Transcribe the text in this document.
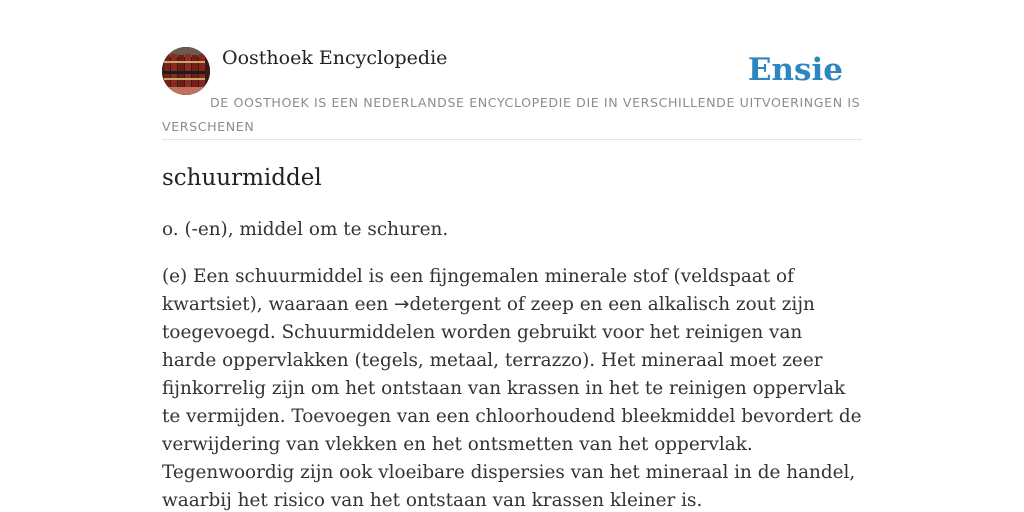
Oosthoek Encyclopedie	Ensie
DE OOSTHOEK IS EEN NEDERLANDSE ENCYCLOPEDIE DIE IN VERSCHILLENDE UITVOERINGEN IS VERSCHENEN
schuurmiddel

o. (-en), middel om te schuren.

(e) Een schuurmiddel is een fijngemalen minerale stof (veldspaat of kwartsiet), waaraan een →detergent of zeep en een alkalisch zout zijn toegevoegd. Schuurmiddelen worden gebruikt voor het reinigen van harde oppervlakken (tegels, metaal, terrazzo). Het mineraal moet zeer fijnkorrelig zijn om het ontstaan van krassen in het te reinigen oppervlak te vermijden. Toevoegen van een chloorhoudend bleekmiddel bevordert de verwijdering van vlekken en het ontsmetten van het oppervlak. Tegenwoordig zijn ook vloeibare dispersies van het mineraal in de handel, waarbij het risico van het ontstaan van krassen kleiner is.
